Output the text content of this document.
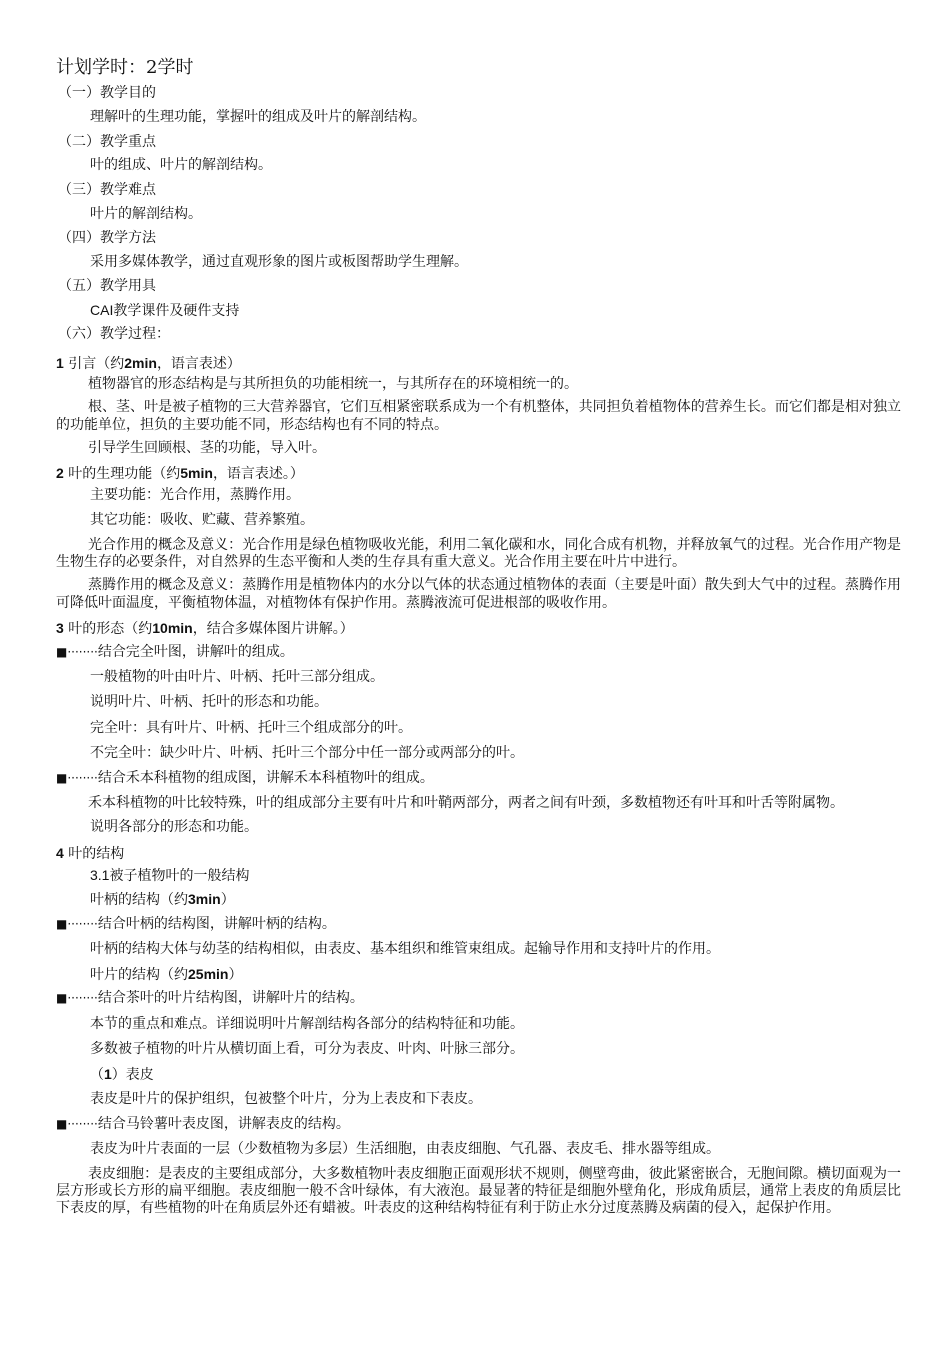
计划学时：2学时
（一）教学目的
理解叶的生理功能，掌握叶的组成及叶片的解剖结构。
（二）教学重点
叶的组成、叶片的解剖结构。
（三）教学难点
叶片的解剖结构。
（四）教学方法
采用多媒体教学，通过直观形象的图片或板图帮助学生理解。
（五）教学用具
CAI教学课件及硬件支持
（六）教学过程：
1 引言（约2min，语言表述）

植物器官的形态结构是与其所担负的功能相统一，与其所存在的环境相统一的。

根、茎、叶是被子植物的三大营养器官，它们互相紧密联系成为一个有机整体，共同担负着植物体的营养生长。而它们都是相对独立的功能单位，担负的主要功能不同，形态结构也有不同的特点。

引导学生回顾根、茎的功能，导入叶。

2 叶的生理功能（约5min，语言表述。）
主要功能：光合作用，蒸腾作用。
其它功能：吸收、贮藏、营养繁殖。

光合作用的概念及意义：光合作用是绿色植物吸收光能，利用二氧化碳和水，同化合成有机物，并释放氧气的过程。光合作用产物是生物生存的必要条件，对自然界的生态平衡和人类的生存具有重大意义。光合作用主要在叶片中进行。

蒸腾作用的概念及意义：蒸腾作用是植物体内的水分以气体的状态通过植物体的表面（主要是叶面）散失到大气中的过程。蒸腾作用可降低叶面温度，平衡植物体温，对植物体有保护作用。蒸腾液流可促进根部的吸收作用。

3 叶的形态（约10min，结合多媒体图片讲解。）
■········结合完全叶图，讲解叶的组成。
一般植物的叶由叶片、叶柄、托叶三部分组成。
说明叶片、叶柄、托叶的形态和功能。
完全叶：具有叶片、叶柄、托叶三个组成部分的叶。
不完全叶：缺少叶片、叶柄、托叶三个部分中任一部分或两部分的叶。
■········结合禾本科植物的组成图，讲解禾本科植物叶的组成。

禾本科植物的叶比较特殊，叶的组成部分主要有叶片和叶鞘两部分，两者之间有叶颈，多数植物还有叶耳和叶舌等附属物。

说明各部分的形态和功能。
4 叶的结构
3.1被子植物叶的一般结构
叶柄的结构（约3min）
■········结合叶柄的结构图，讲解叶柄的结构。
叶柄的结构大体与幼茎的结构相似，由表皮、基本组织和维管束组成。起输导作用和支持叶片的作用。
叶片的结构（约25min）
■········结合茶叶的叶片结构图，讲解叶片的结构。
本节的重点和难点。详细说明叶片解剖结构各部分的结构特征和功能。
多数被子植物的叶片从横切面上看，可分为表皮、叶肉、叶脉三部分。
（1）表皮
表皮是叶片的保护组织，包被整个叶片，分为上表皮和下表皮。
■········结合马铃薯叶表皮图，讲解表皮的结构。
表皮为叶片表面的一层（少数植物为多层）生活细胞，由表皮细胞、气孔器、表皮毛、排水器等组成。

表皮细胞：是表皮的主要组成部分，大多数植物叶表皮细胞正面观形状不规则，侧壁弯曲，彼此紧密嵌合，无胞间隙。横切面观为一层方形或长方形的扁平细胞。表皮细胞一般不含叶绿体，有大液泡。最显著的特征是细胞外壁角化，形成角质层，通常上表皮的角质层比下表皮的厚，有些植物的叶在角质层外还有蜡被。叶表皮的这种结构特征有利于防止水分过度蒸腾及病菌的侵入，起保护作用。
